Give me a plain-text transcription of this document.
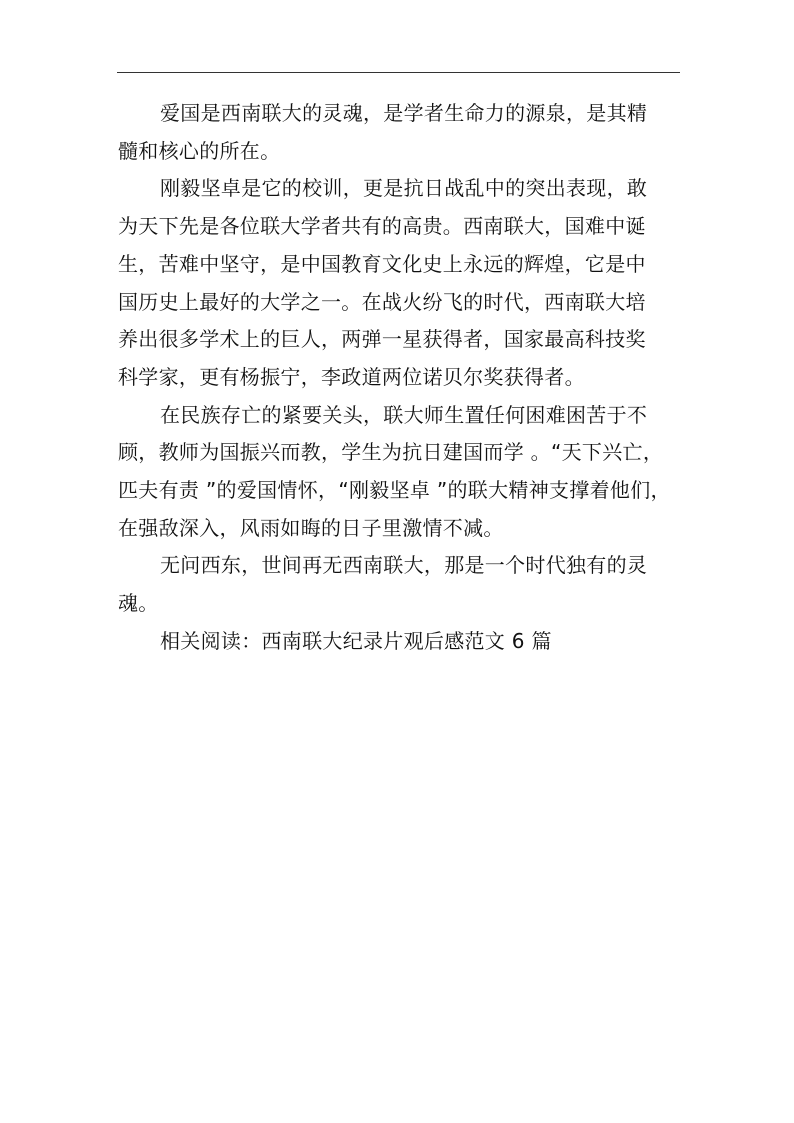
爱国是西南联大的灵魂，是学者生命力的源泉，是其精
髓和核心的所在。

刚毅坚卓是它的校训，更是抗日战乱中的突出表现，敢
为天下先是各位联大学者共有的高贵。西南联大，国难中诞
生，苦难中坚守，是中国教育文化史上永远的辉煌，它是中
国历史上最好的大学之一。在战火纷飞的时代，西南联大培
养出很多学术上的巨人，两弹一星获得者，国家最高科技奖
科学家，更有杨振宁，李政道两位诺贝尔奖获得者。

在民族存亡的紧要关头，联大师生置任何困难困苦于不
顾，教师为国振兴而教，学生为抗日建国而学 。“天下兴亡，
匹夫有责 ”的爱国情怀，“刚毅坚卓 ”的联大精神支撑着他们，
在强敌深入，风雨如晦的日子里激情不减。

无问西东，世间再无西南联大，那是一个时代独有的灵
魂。

相关阅读：西南联大纪录片观后感范文 6 篇
